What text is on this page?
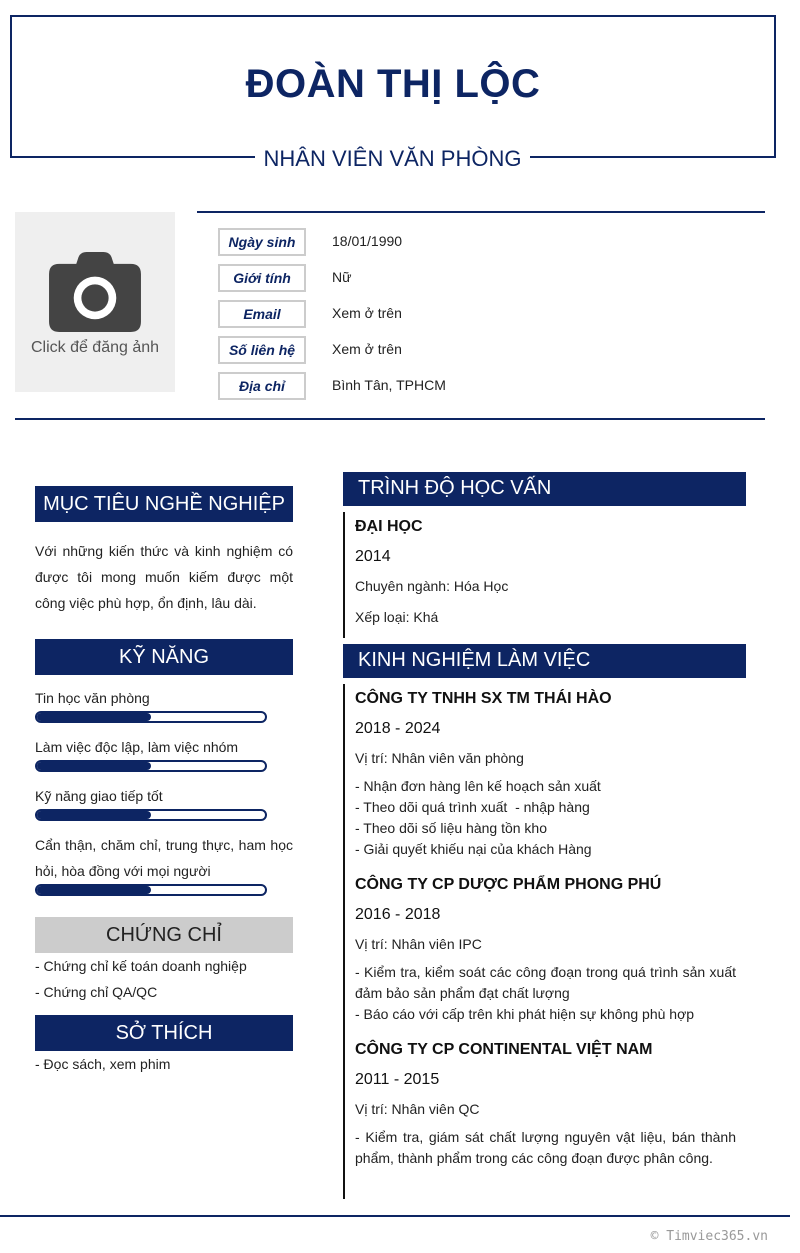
ĐOÀN THỊ LỘC
NHÂN VIÊN VĂN PHÒNG
Click để đăng ảnh
Ngày sinh	18/01/1990
Giới tính	Nữ
Email	Xem ở trên
Số liên hệ	Xem ở trên
Địa chỉ	Bình Tân, TPHCM
MỤC TIÊU NGHỀ NGHIỆP
Với những kiến thức và kinh nghiệm có được tôi mong muốn kiếm được một công việc phù hợp, ổn định, lâu dài.
KỸ NĂNG
Tin học văn phòng
Làm việc độc lập, làm việc nhóm
Kỹ năng giao tiếp tốt
Cẩn thận, chăm chỉ, trung thực, ham học hỏi, hòa đồng với mọi người
CHỨNG CHỈ
- Chứng chỉ kế toán doanh nghiệp
- Chứng chỉ QA/QC
SỞ THÍCH
- Đọc sách, xem phim
TRÌNH ĐỘ HỌC VẤN
ĐẠI HỌC
2014
Chuyên ngành: Hóa Học
Xếp loại: Khá
KINH NGHIỆM LÀM VIỆC
CÔNG TY TNHH SX TM THÁI HÀO
2018 - 2024
Vị trí: Nhân viên văn phòng
- Nhận đơn hàng lên kế hoạch sản xuất
- Theo dõi quá trình xuất  - nhập hàng
- Theo dõi số liệu hàng tồn kho
- Giải quyết khiếu nại của khách Hàng
CÔNG TY CP DƯỢC PHẨM PHONG PHÚ
2016 - 2018
Vị trí: Nhân viên IPC
- Kiểm tra, kiểm soát các công đoạn trong quá trình sản xuất đảm bảo sản phẩm đạt chất lượng
- Báo cáo với cấp trên khi phát hiện sự không phù hợp
CÔNG TY CP CONTINENTAL VIỆT NAM
2011 - 2015
Vị trí: Nhân viên QC
- Kiểm tra, giám sát chất lượng nguyên vật liệu, bán thành phẩm, thành phẩm trong các công đoạn được phân công.
© Timviec365.vn
